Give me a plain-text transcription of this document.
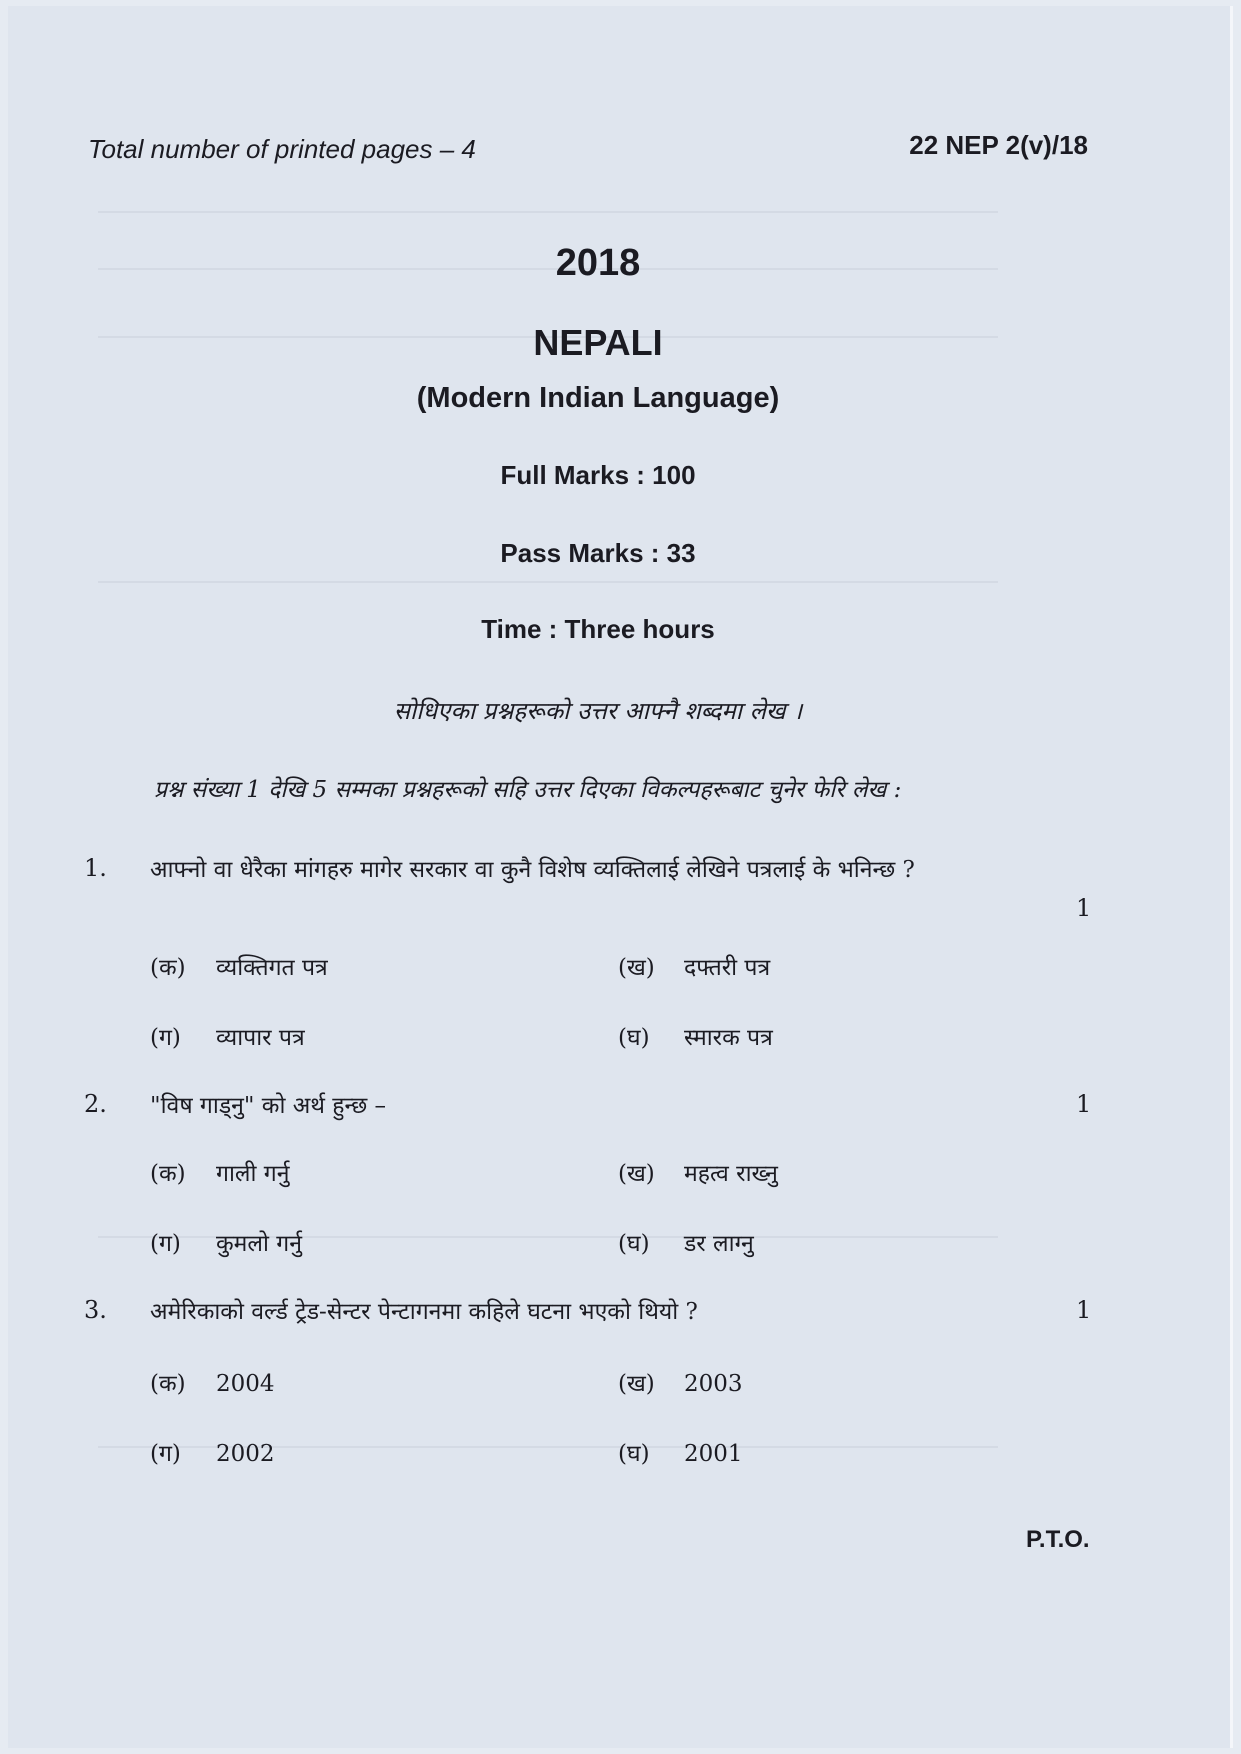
Total number of printed pages – 4	22 NEP 2(v)/18
2018
NEPALI
(Modern Indian Language)
Full Marks : 100
Pass Marks : 33
Time : Three hours
सोधिएका प्रश्नहरूको उत्तर आफ्नै शब्दमा लेख ।
प्रश्न संख्या 1 देखि 5 सम्मका प्रश्नहरूको सहि उत्तर दिएका विकल्पहरूबाट चुनेर फेरि लेख :
1. आफ्नो वा धेरैका मांगहरु मागेर सरकार वा कुनै विशेष व्यक्तिलाई लेखिने पत्रलाई के भनिन्छ ?
1
(क) व्यक्तिगत पत्र	(ख) दफ्तरी पत्र
(ग) व्यापार पत्र	(घ) स्मारक पत्र
2. "विष गाड्नु" को अर्थ हुन्छ –	1
(क) गाली गर्नु	(ख) महत्व राख्नु
(ग) कुमलो गर्नु	(घ) डर लाग्नु
3. अमेरिकाको वर्ल्ड ट्रेड-सेन्टर पेन्टागनमा कहिले घटना भएको थियो ?	1
(क) 2004	(ख) 2003
(ग) 2002	(घ) 2001
P.T.O.
